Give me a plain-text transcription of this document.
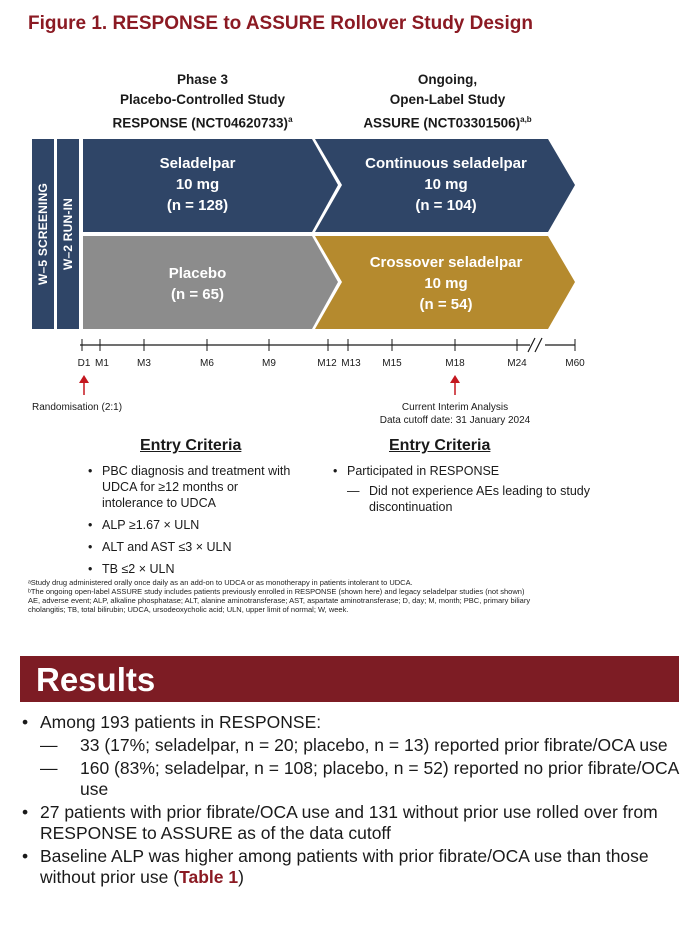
Figure 1. RESPONSE to ASSURE Rollover Study Design
Phase 3
Placebo-Controlled Study
RESPONSE $(NCT04620733)^a$
Ongoing,
Open-Label Study
ASSURE $(NCT03301506)^{a,b}$
W–5 SCREENING W–2 RUN-IN
Seladelpar
10 mg
(n = 128)
Placebo
(n = 65)
Continuous seladelpar
10 mg
(n = 104)
Crossover seladelpar
10 mg
(n = 54)
D1 M1	M3	M6	M9	M12 M13 M15	M18	M24	M60
Randomisation (2:1)	Current Interim Analysis
Data cutoff date: 31 January 2024
Entry Criteria
• PBC diagnosis and treatment with UDCA for ≥12 months or intolerance to UDCA
• ALP ≥1.67 × ULN
• ALT and AST ≤3 × ULN
• TB ≤2 × ULN
Entry Criteria
• Participated in RESPONSE
— Did not experience AEs leading to study discontinuation
ᵃStudy drug administered orally once daily as an add-on to UDCA or as monotherapy in patients intolerant to UDCA.
ᵇThe ongoing open-label ASSURE study includes patients previously enrolled in RESPONSE (shown here) and legacy seladelpar studies (not shown)
AE, adverse event; ALP, alkaline phosphatase; ALT, alanine aminotransferase; AST, aspartate aminotransferase; D, day; M, month; PBC, primary biliary cholangitis; TB, total bilirubin; UDCA, ursodeoxycholic acid; ULN, upper limit of normal; W, week.
Results
• Among 193 patients in RESPONSE:
— 33 (17%; seladelpar, n = 20; placebo, n = 13) reported prior fibrate/OCA use
— 160 (83%; seladelpar, n = 108; placebo, n = 52) reported no prior fibrate/OCA use
• 27 patients with prior fibrate/OCA use and 131 without prior use rolled over from RESPONSE to ASSURE as of the data cutoff
• Baseline ALP was higher among patients with prior fibrate/OCA use than those without prior use (Table 1)
